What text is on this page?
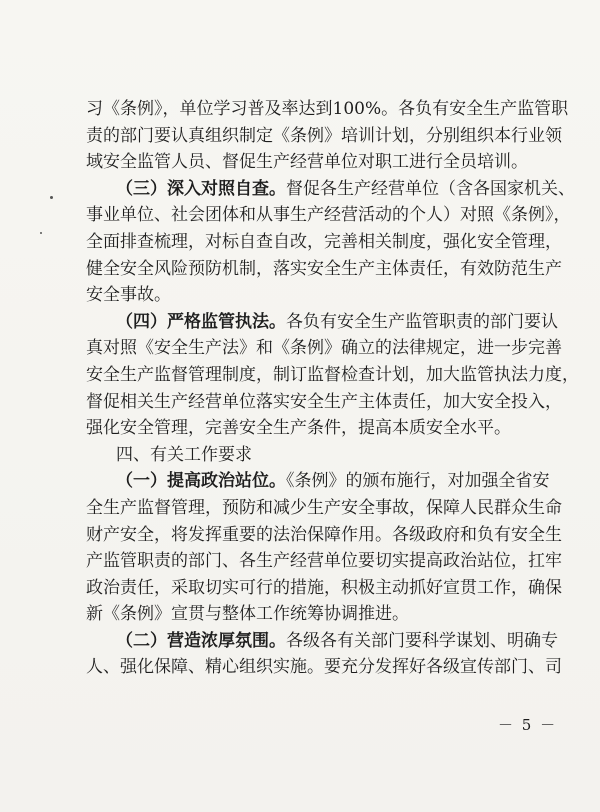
习《条例》，单位学习普及率达到100%。各负有安全生产监管职
责的部门要认真组织制定《条例》培训计划，分别组织本行业领
域安全监管人员、督促生产经营单位对职工进行全员培训。
（三）深入对照自查。督促各生产经营单位（含各国家机关、
事业单位、社会团体和从事生产经营活动的个人）对照《条例》，
全面排查梳理，对标自查自改，完善相关制度，强化安全管理，
健全安全风险预防机制，落实安全生产主体责任，有效防范生产
安全事故。
（四）严格监管执法。各负有安全生产监管职责的部门要认
真对照《安全生产法》和《条例》确立的法律规定，进一步完善
安全生产监督管理制度，制订监督检查计划，加大监管执法力度，
督促相关生产经营单位落实安全生产主体责任，加大安全投入，
强化安全管理，完善安全生产条件，提高本质安全水平。
四、有关工作要求
（一）提高政治站位。《条例》的颁布施行，对加强全省安
全生产监督管理，预防和减少生产安全事故，保障人民群众生命
财产安全，将发挥重要的法治保障作用。各级政府和负有安全生
产监管职责的部门、各生产经营单位要切实提高政治站位，扛牢
政治责任，采取切实可行的措施，积极主动抓好宣贯工作，确保
新《条例》宣贯与整体工作统筹协调推进。
（二）营造浓厚氛围。各级各有关部门要科学谋划、明确专
人、强化保障、精心组织实施。要充分发挥好各级宣传部门、司
－ 5 －
